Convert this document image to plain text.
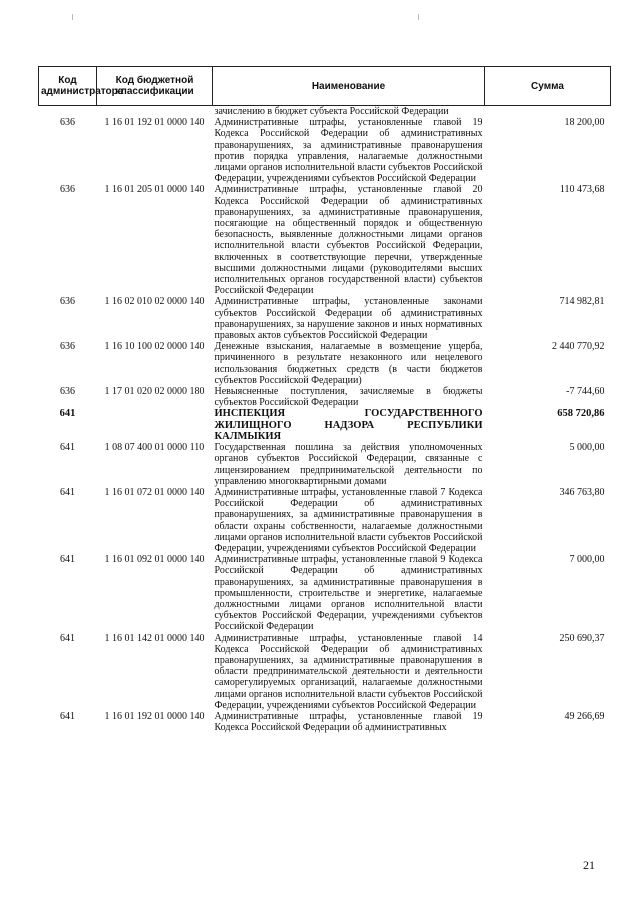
Код администратора	Код бюджетной классификации	Наименование	Сумма
		зачислению в бюджет субъекта Российской Федерации	
636	1 16 01 192 01 0000 140	Административные штрафы, установленные главой 19 Кодекса Российской Федерации об административных правонарушениях, за административные правонарушения против порядка управления, налагаемые должностными лицами органов исполнительной власти субъектов Российской Федерации, учреждениями субъектов Российской Федерации	18 200,00
636	1 16 01 205 01 0000 140	Административные штрафы, установленные главой 20 Кодекса Российской Федерации об административных правонарушениях, за административные правонарушения, посягающие на общественный порядок и общественную безопасность, выявленные должностными лицами органов исполнительной власти субъектов Российской Федерации, включенных в соответствующие перечни, утвержденные высшими должностными лицами (руководителями высших исполнительных органов государственной власти) субъектов Российской Федерации	110 473,68
636	1 16 02 010 02 0000 140	Административные штрафы, установленные законами субъектов Российской Федерации об административных правонарушениях, за нарушение законов и иных нормативных правовых актов субъектов Российской Федерации	714 982,81
636	1 16 10 100 02 0000 140	Денежные взыскания, налагаемые в возмещение ущерба, причиненного в результате незаконного или нецелевого использования бюджетных средств (в части бюджетов субъектов Российской Федерации)	2 440 770,92
636	1 17 01 020 02 0000 180	Невыясненные поступления, зачисляемые в бюджеты субъектов Российской Федерации	-7 744,60
641		ИНСПЕКЦИЯ ГОСУДАРСТВЕННОГО ЖИЛИЩНОГО НАДЗОРА РЕСПУБЛИКИ КАЛМЫКИЯ	658 720,86
641	1 08 07 400 01 0000 110	Государственная пошлина за действия уполномоченных органов субъектов Российской Федерации, связанные с лицензированием предпринимательской деятельности по управлению многоквартирными домами	5 000,00
641	1 16 01 072 01 0000 140	Административные штрафы, установленные главой 7 Кодекса Российской Федерации об административных правонарушениях, за административные правонарушения в области охраны собственности, налагаемые должностными лицами органов исполнительной власти субъектов Российской Федерации, учреждениями субъектов Российской Федерации	346 763,80
641	1 16 01 092 01 0000 140	Административные штрафы, установленные главой 9 Кодекса Российской Федерации об административных правонарушениях, за административные правонарушения в промышленности, строительстве и энергетике, налагаемые должностными лицами органов исполнительной власти субъектов Российской Федерации, учреждениями субъектов Российской Федерации	7 000,00
641	1 16 01 142 01 0000 140	Административные штрафы, установленные главой 14 Кодекса Российской Федерации об административных правонарушениях, за административные правонарушения в области предпринимательской деятельности и деятельности саморегулируемых организаций, налагаемые должностными лицами органов исполнительной власти субъектов Российской Федерации, учреждениями субъектов Российской Федерации	250 690,37
641	1 16 01 192 01 0000 140	Административные штрафы, установленные главой 19 Кодекса Российской Федерации об административных	49 266,69
21
